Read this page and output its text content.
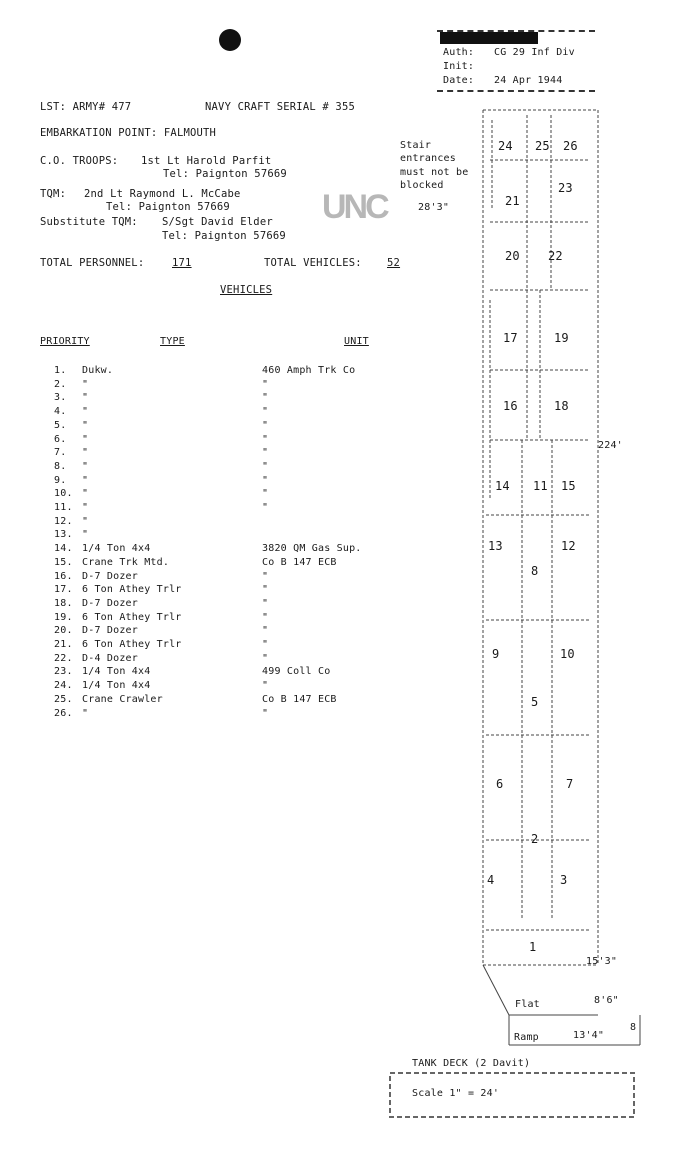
Auth: CG 29 Inf Div
Init:
Date: 24 Apr 1944
LST: ARMY# 477	NAVY CRAFT SERIAL # 355
EMBARKATION POINT: FALMOUTH
C.O. TROOPS: 1st Lt Harold Parfit
Tel: Paignton 57669
TQM: 2nd Lt Raymond L. McCabe
Tel: Paignton 57669
Substitute TQM: S/Sgt David Elder
Tel: Paignton 57669
UNC
TOTAL PERSONNEL:	171	TOTAL VEHICLES: 52
VEHICLES
PRIORITY	TYPE	UNIT
1. Dukw.	460 Amph Trk Co
2. "	"
3. "	"
4. "	"
5. "	"
6. "	"
7. "	"
8. "	"
9. "	"
10. "	"
11. "	"
12. "
13. "
14. 1/4 Ton 4x4	3820 QM Gas Sup.
15. Crane Trk Mtd.	Co B 147 ECB
16. D-7 Dozer	"
17. 6 Ton Athey Trlr	"
18. D-7 Dozer	"
19. 6 Ton Athey Trlr	"
20. D-7 Dozer	"
21. 6 Ton Athey Trlr	"
22. D-4 Dozer	"
23. 1/4 Ton 4x4	499 Coll Co
24. 1/4 Ton 4x4	"
25. Crane Crawler	Co B 147 ECB
26. "	"
Stair
entrances
must not be
blocked
28'3"
224'
15'3"
Flat	8'6"
Ramp	13'4"
8
TANK DECK (2 Davit)
Scale 1" = 24'
24 25 26
21
23
20 22
17	19
16	18
14 11 15
13	12
8
9	10
5
6	7
2
4	3
1
